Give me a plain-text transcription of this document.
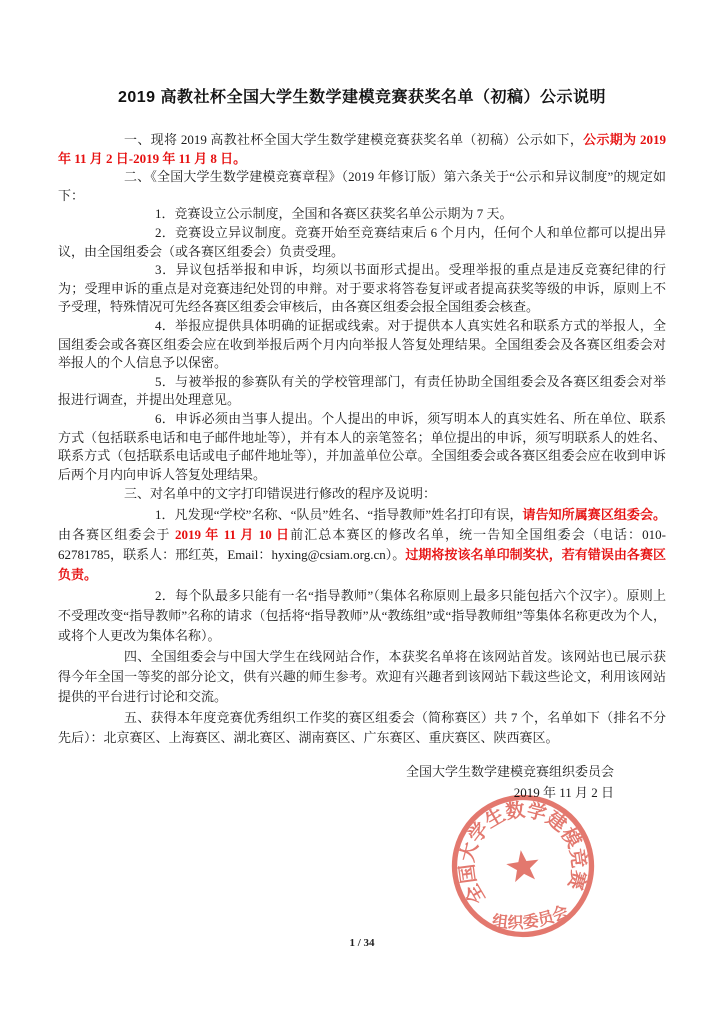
2019 高教社杯全国大学生数学建模竞赛获奖名单（初稿）公示说明

一、现将 2019 高教社杯全国大学生数学建模竞赛获奖名单（初稿）公示如下，公示期为 2019 年 11 月 2 日-2019 年 11 月 8 日。

二、《全国大学生数学建模竞赛章程》（2019 年修订版）第六条关于“公示和异议制度”的规定如下：

1．竞赛设立公示制度，全国和各赛区获奖名单公示期为 7 天。

2．竞赛设立异议制度。竞赛开始至竞赛结束后 6 个月内，任何个人和单位都可以提出异议，由全国组委会（或各赛区组委会）负责受理。

3．异议包括举报和申诉，均须以书面形式提出。受理举报的重点是违反竞赛纪律的行为；受理申诉的重点是对竞赛违纪处罚的申辩。对于要求将答卷复评或者提高获奖等级的申诉，原则上不予受理，特殊情况可先经各赛区组委会审核后，由各赛区组委会报全国组委会核查。

4．举报应提供具体明确的证据或线索。对于提供本人真实姓名和联系方式的举报人，全国组委会或各赛区组委会应在收到举报后两个月内向举报人答复处理结果。全国组委会及各赛区组委会对举报人的个人信息予以保密。

5．与被举报的参赛队有关的学校管理部门，有责任协助全国组委会及各赛区组委会对举报进行调查，并提出处理意见。

6．申诉必须由当事人提出。个人提出的申诉，须写明本人的真实姓名、所在单位、联系方式（包括联系电话和电子邮件地址等），并有本人的亲笔签名；单位提出的申诉，须写明联系人的姓名、联系方式（包括联系电话或电子邮件地址等），并加盖单位公章。全国组委会或各赛区组委会应在收到申诉后两个月内向申诉人答复处理结果。

三、对名单中的文字打印错误进行修改的程序及说明：

1．凡发现“学校”名称、“队员”姓名、“指导教师”姓名打印有误，请告知所属赛区组委会。由各赛区组委会于 2019 年 11 月 10 日前汇总本赛区的修改名单，统一告知全国组委会（电话：010-62781785，联系人：邢红英，Email：hyxing@csiam.org.cn）。过期将按该名单印制奖状，若有错误由各赛区负责。

2．每个队最多只能有一名“指导教师”（集体名称原则上最多只能包括六个汉字）。原则上不受理改变“指导教师”名称的请求（包括将“指导教师”从“教练组”或“指导教师组”等集体名称更改为个人，或将个人更改为集体名称）。

四、全国组委会与中国大学生在线网站合作，本获奖名单将在该网站首发。该网站也已展示获得今年全国一等奖的部分论文，供有兴趣的师生参考。欢迎有兴趣者到该网站下载这些论文，利用该网站提供的平台进行讨论和交流。

五、获得本年度竞赛优秀组织工作奖的赛区组委会（简称赛区）共 7 个，名单如下（排名不分先后）：北京赛区、上海赛区、湖北赛区、湖南赛区、广东赛区、重庆赛区、陕西赛区。

全国大学生数学建模竞赛组织委员会
2019 年 11 月 2 日
全国大学生数学建模竞赛
组织委员会
1 / 34
